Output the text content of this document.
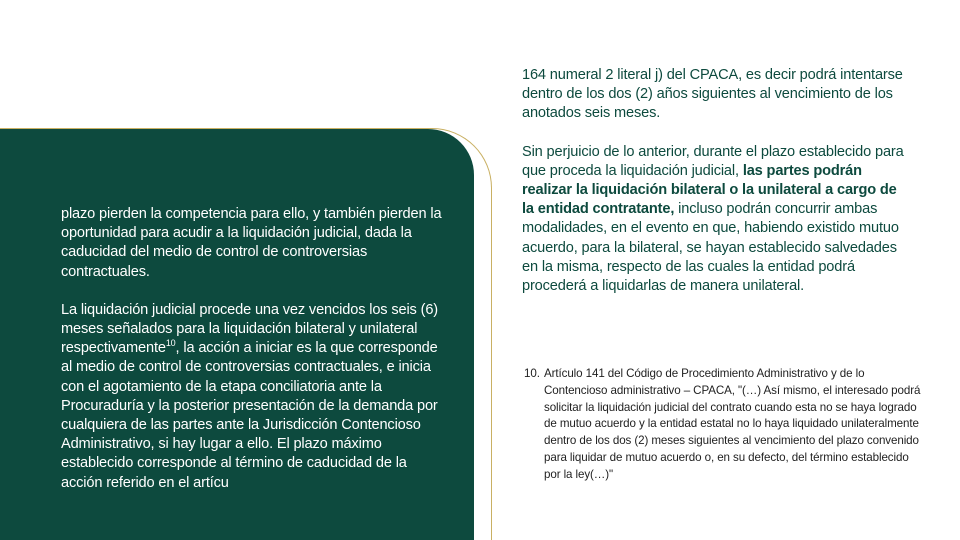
plazo pierden la competencia para ello, y también pierden la oportunidad para acudir a la liquidación judicial, dada la caducidad del medio de control de controversias contractuales.

La liquidación judicial procede una vez vencidos los seis (6) meses señalados para la liquidación bilateral y unilateral respectivamente$^{10}$, la acción a iniciar es la que corresponde al medio de control de controversias contractuales, e inicia con el agotamiento de la etapa conciliatoria ante la Procuraduría y la posterior presentación de la demanda por cualquiera de las partes ante la Jurisdicción Contencioso Administrativo, si hay lugar a ello. El plazo máximo establecido corresponde al término de caducidad de la acción referido en el artícu

164 numeral 2 literal j) del CPACA, es decir podrá intentarse dentro de los dos (2) años siguientes al vencimiento de los anotados seis meses.

Sin perjuicio de lo anterior, durante el plazo establecido para que proceda la liquidación judicial, las partes podrán realizar la liquidación bilateral o la unilateral a cargo de la entidad contratante, incluso podrán concurrir ambas modalidades, en el evento en que, habiendo existido mutuo acuerdo, para la bilateral, se hayan establecido salvedades en la misma, respecto de las cuales la entidad podrá procederá a liquidarlas de manera unilateral.

10. Artículo 141 del Código de Procedimiento Administrativo y de lo Contencioso administrativo – CPACA, "(…) Así mismo, el interesado podrá solicitar la liquidación judicial del contrato cuando esta no se haya logrado de mutuo acuerdo y la entidad estatal no lo haya liquidado unilateralmente dentro de los dos (2) meses siguientes al vencimiento del plazo convenido para liquidar de mutuo acuerdo o, en su defecto, del término establecido por la ley(…)"
